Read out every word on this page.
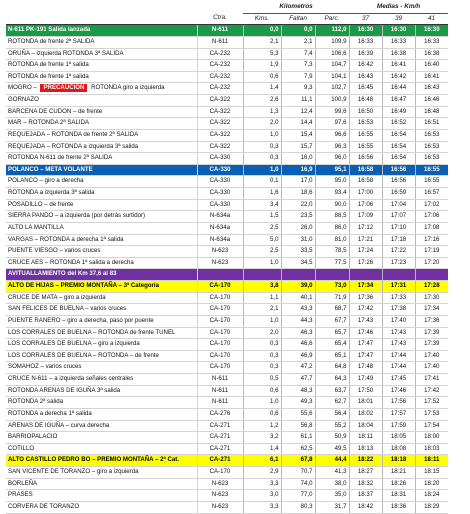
		Kilometros			Medias - Km/h		
	Ctra.	Kms.	Faltan	Parc.	37	39	41
N-611 PK-191 Salida lanzada	N-611	0,0	0,0	112,0	16:30	16:30	16:30
ROTONDA de frente 2ª SALIDA	N-611	2,1	2,1	109,9	16:33	16:33	16:33
ORUÑA – izquierda ROTONDA 3ª SALIDA	CA-232	5,3	7,4	106,6	16:39	16:38	16:38
ROTONDA de frente 1ª salida	CA-232	1,9	7,3	104,7	16:42	16:41	16:40
ROTONDA de frente 1ª salida	CA-232	0,6	7,9	104,1	16:43	16:42	16:41
MOGRO – PRECAUCION ROTONDA giro a izquierda	CA-232	1,4	9,3	102,7	16:45	16:44	16:43
GORNAZO	CA-322	2,6	11,1	100,9	16:48	16:47	16:46
BARCENA DE CUDON – de frente	CA-322	1,3	12,4	99,6	16:50	16:49	16:48
MAR – ROTONDA 2ª SALIDA	CA-322	2,0	14,4	97,6	16:53	16:52	16:51
REQUEJADA – ROTONDA de frente 2ª SALIDA	CA-322	1,0	15,4	96,6	16:55	16:54	16:53
REQUEJADA – ROTONDA a izquierda 3ª salida	CA-322	0,3	15,7	96,3	16:55	16:54	16:53
ROTONDA N-611 de frente 2ª SALIDA	CA-330	0,3	16,0	96,0	16:56	16:54	16:53
POLANCO – META VOLANTE	CA-330	1,0	16,9	95,1	16:58	16:56	16:55
POLANCO – giro a derecha	CA-330	0,1	17,0	95,0	16:58	16:56	16:55
ROTONDA a izquierda 3ª salida	CA-330	1,6	18,6	93,4	17:00	16:59	16:57
POSADILLO – de frente	CA-330	3,4	22,0	90,0	17:06	17:04	17:02
SIERRA PANDO – a izquierda (por detrás surtidor)	N-634a	1,5	23,5	88,5	17:09	17:07	17:06
ALTO LA MANTILLA	N-634a	2,5	26,0	86,0	17:12	17:10	17:08
VARGAS – ROTONDA a derecha 1ª salida	N-634a	5,0	31,0	81,0	17:21	17:18	17:16
PUENTE VIESGO – varios cruces	N-623	2,5	33,5	78,5	17:24	17:22	17:19
CRUCE AES – ROTONDA 1ª salida a derecha	N-623	1,0	34,5	77,5	17:26	17:23	17:20
AVITUALLAMIENTO del Km 37,6 al 83							
ALTO DE HIJAS – PREMIO MONTAÑA – 3ª Categoría	CA-170	3,8	39,0	73,0	17:34	17:31	17:28
CRUCE DE MATA – giro a izquierda	CA-170	1,1	40,1	71,9	17:36	17:33	17:30
SAN FELICES DE BUELNA – varios cruces	CA-170	2,1	43,3	68,7	17:42	17:38	17:34
PUENTE RANERO – giro a derecha, paso por puente	CA-170	1,0	44,3	67,7	17:43	17:40	17:36
LOS CORRALES DE BUELNA – ROTONDA de frente TUNEL	CA-170	2,0	46,3	65,7	17:46	17:43	17:39
LOS CORRALES DE BUELNA – giro a izquierda	CA-170	0,3	46,6	65,4	17:47	17:43	17:39
LOS CORRALES DE BUELNA – ROTONDA – de frente	CA-170	0,3	46,9	65,1	17:47	17:44	17:40
SOMAHOZ – varios cruces	CA-170	0,3	47,2	64,8	17:48	17:44	17:40
CRUCE N-611 – a izquierda señales centrales	N-611	0,5	47,7	64,3	17:49	17:45	17:41
ROTONDA ARENAS DE IGUÑA 3ª salida	N-611	0,6	48,3	63,7	17:50	17:46	17:42
ROTONDA 2ª salida	N-611	1,0	49,3	62,7	18:01	17:56	17:52
ROTONDA a derecha 1ª salida	CA-276	0,6	55,6	56,4	18:02	17:57	17:53
ARENAS DE IGUÑA – curva derecha	CA-271	1,2	56,8	55,2	18:04	17:59	17:54
BARRIOPALACIO	CA-271	3,2	61,1	50,9	18:11	18:05	18:00
COTILLO	CA-271	1,4	62,5	49,5	18:13	18:08	18:03
ALTO CASTILLO PEDRO BO – PREMIO MONTAÑA – 2ª Cat.	CA-271	6,1	67,8	44,4	18:22	18:18	18:11
SAN VICENTE DE TORANZO – giro a izquierda	CA-170	2,9	70,7	41,3	18:27	18:21	18:15
BORLEÑA	N-623	3,3	74,0	38,0	18:32	18:26	18:20
PRASES	N-623	3,0	77,0	35,0	18:37	18:31	18:24
CORVERA DE TORANZO	N-623	3,3	80,3	31,7	18:42	18:36	18:29
